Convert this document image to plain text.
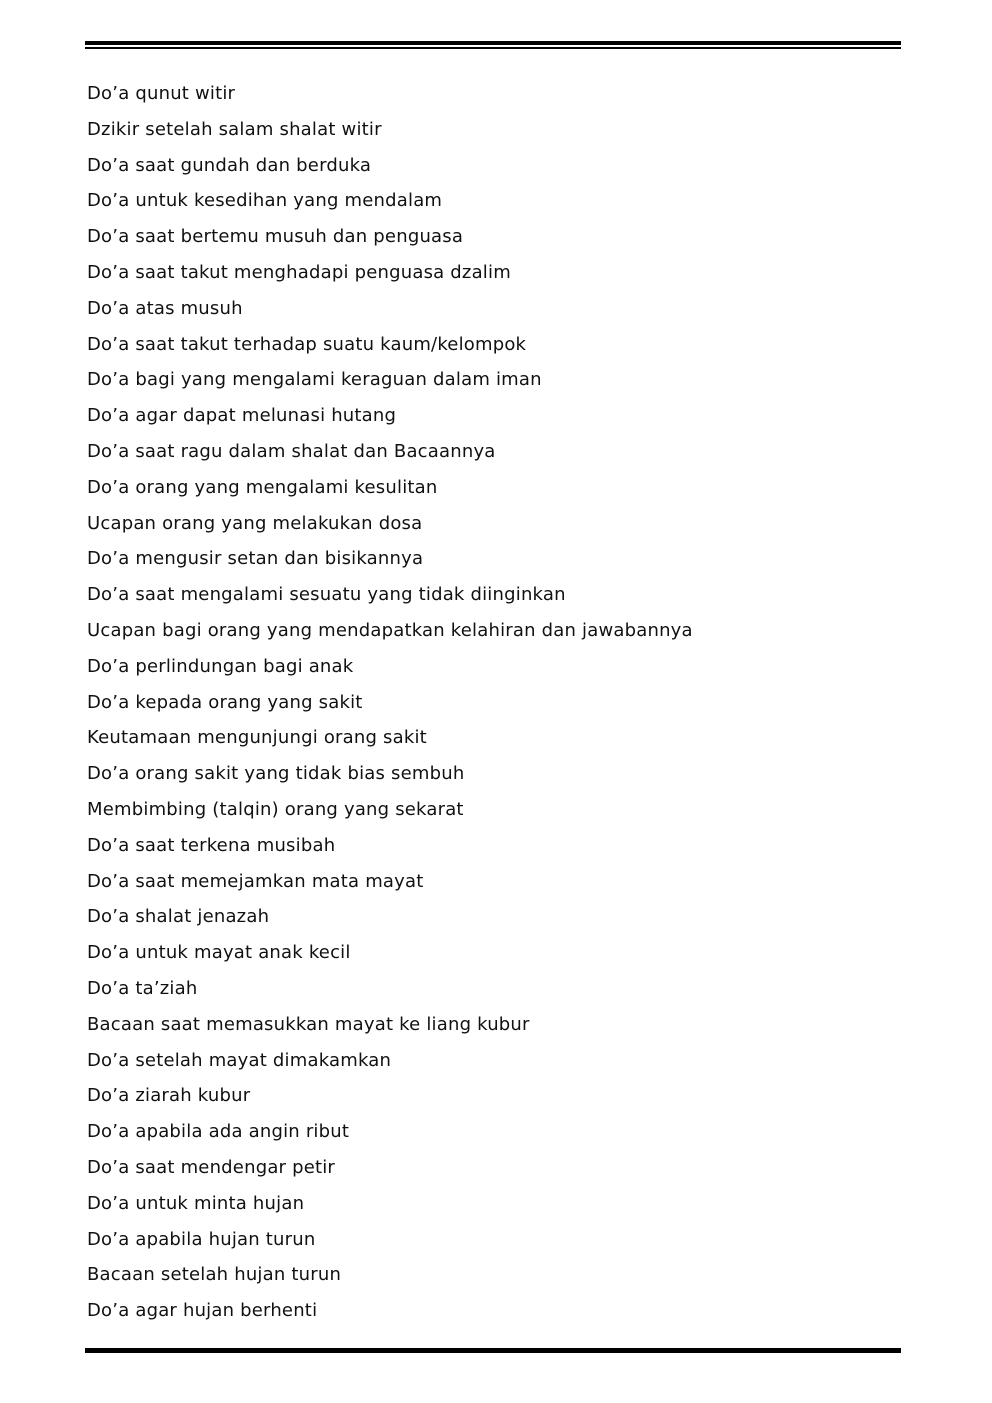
Do’a qunut witir
Dzikir setelah salam shalat witir
Do’a saat gundah dan berduka
Do’a untuk kesedihan yang mendalam
Do’a saat bertemu musuh dan penguasa
Do’a saat takut menghadapi penguasa dzalim
Do’a atas musuh
Do’a saat takut terhadap suatu kaum/kelompok
Do’a bagi yang mengalami keraguan dalam iman
Do’a agar dapat melunasi hutang
Do’a saat ragu dalam shalat dan Bacaannya
Do’a orang yang mengalami kesulitan
Ucapan orang yang melakukan dosa
Do’a mengusir setan dan bisikannya
Do’a saat mengalami sesuatu yang tidak diinginkan
Ucapan bagi orang yang mendapatkan kelahiran dan jawabannya
Do’a perlindungan bagi anak
Do’a kepada orang yang sakit
Keutamaan mengunjungi orang sakit
Do’a orang sakit yang tidak bias sembuh
Membimbing (talqin) orang yang sekarat
Do’a saat terkena musibah
Do’a saat memejamkan mata mayat
Do’a shalat jenazah
Do’a untuk mayat anak kecil
Do’a ta’ziah
Bacaan saat memasukkan mayat ke liang kubur
Do’a setelah mayat dimakamkan
Do’a ziarah kubur
Do’a apabila ada angin ribut
Do’a saat mendengar petir
Do’a untuk minta hujan
Do’a apabila hujan turun
Bacaan setelah hujan turun
Do’a agar hujan berhenti
